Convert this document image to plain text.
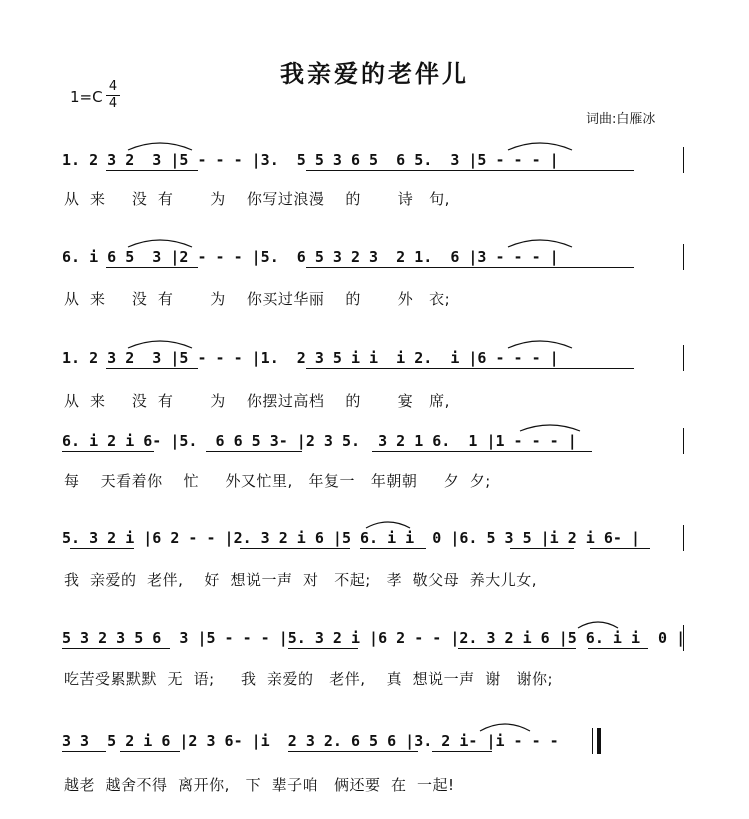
我亲爱的老伴儿
1=C
4
4
词曲:白雁冰
1. 2 3 2  3 |5 - - - |3.  5 5 3 6 5  6 5.  3 |5 - - - |
从  来     没  有       为    你写过浪漫    的       诗   句,
6. i 6 5  3 |2 - - - |5.  6 5 3 2 3  2 1.  6 |3 - - - |
从  来     没  有       为    你买过华丽    的       外   衣;
1. 2 3 2  3 |5 - - - |1.  2 3 5 i i  i 2.  i |6 - - - |
从  来     没  有       为    你摆过高档    的       宴   席,
6. i 2 i 6- |5.  6 6 5 3- |2 3 5.  3 2 1 6.  1 |1 - - - |
每    天看着你    忙     外又忙里,   年复一   年朝朝     夕  夕;
5. 3 2 i |6 2 - - |2. 3 2 i 6 |5 6. i i  0 |6. 5 3 5 |i 2 i 6- |
我  亲爱的  老伴,    好  想说一声  对   不起;   孝  敬父母  养大儿女,
5 3 2 3 5 6  3 |5 - - - |5. 3 2 i |6 2 - - |2. 3 2 i 6 |5 6. i i  0 |
吃苦受累默默  无  语;     我  亲爱的   老伴,    真  想说一声  谢   谢你;
3 3  5 2 i 6 |2 3 6- |i  2 3 2. 6 5 6 |3. 2 i- |i - - -
越老  越舍不得  离开你,   下  辈子咱   俩还要  在  一起!
